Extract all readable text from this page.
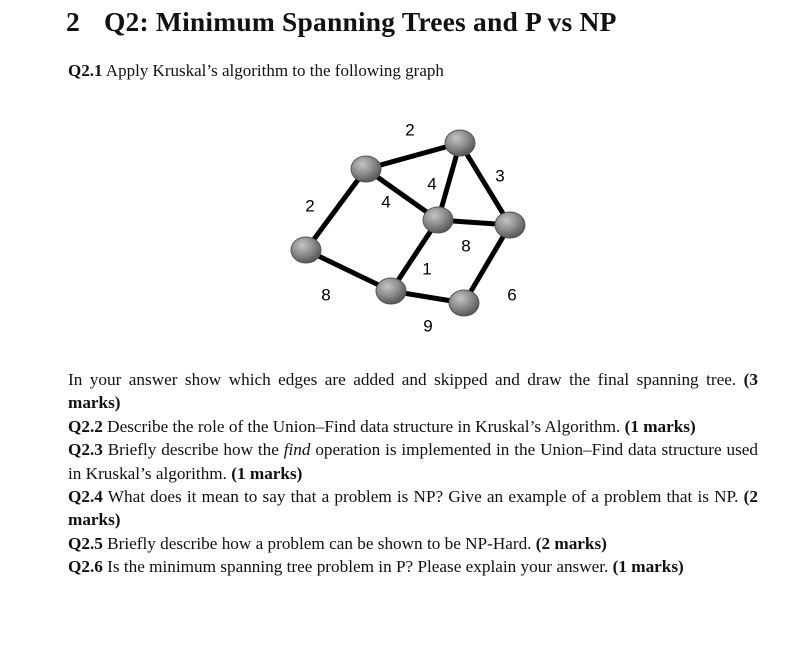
2 Q2: Minimum Spanning Trees and P vs NP

Q2.1 Apply Kruskal’s algorithm to the following graph

2
2
4
4	3
8
1
8
9
6

In your answer show which edges are added and skipped and draw the final spanning tree. (3 marks)

Q2.2 Describe the role of the Union–Find data structure in Kruskal’s Algorithm. (1 marks)

Q2.3 Briefly describe how the find operation is implemented in the Union–Find data structure used in Kruskal’s algorithm. (1 marks)

Q2.4 What does it mean to say that a problem is NP? Give an example of a problem that is NP. (2 marks)

Q2.5 Briefly describe how a problem can be shown to be NP-Hard. (2 marks)

Q2.6 Is the minimum spanning tree problem in P? Please explain your answer. (1 marks)
